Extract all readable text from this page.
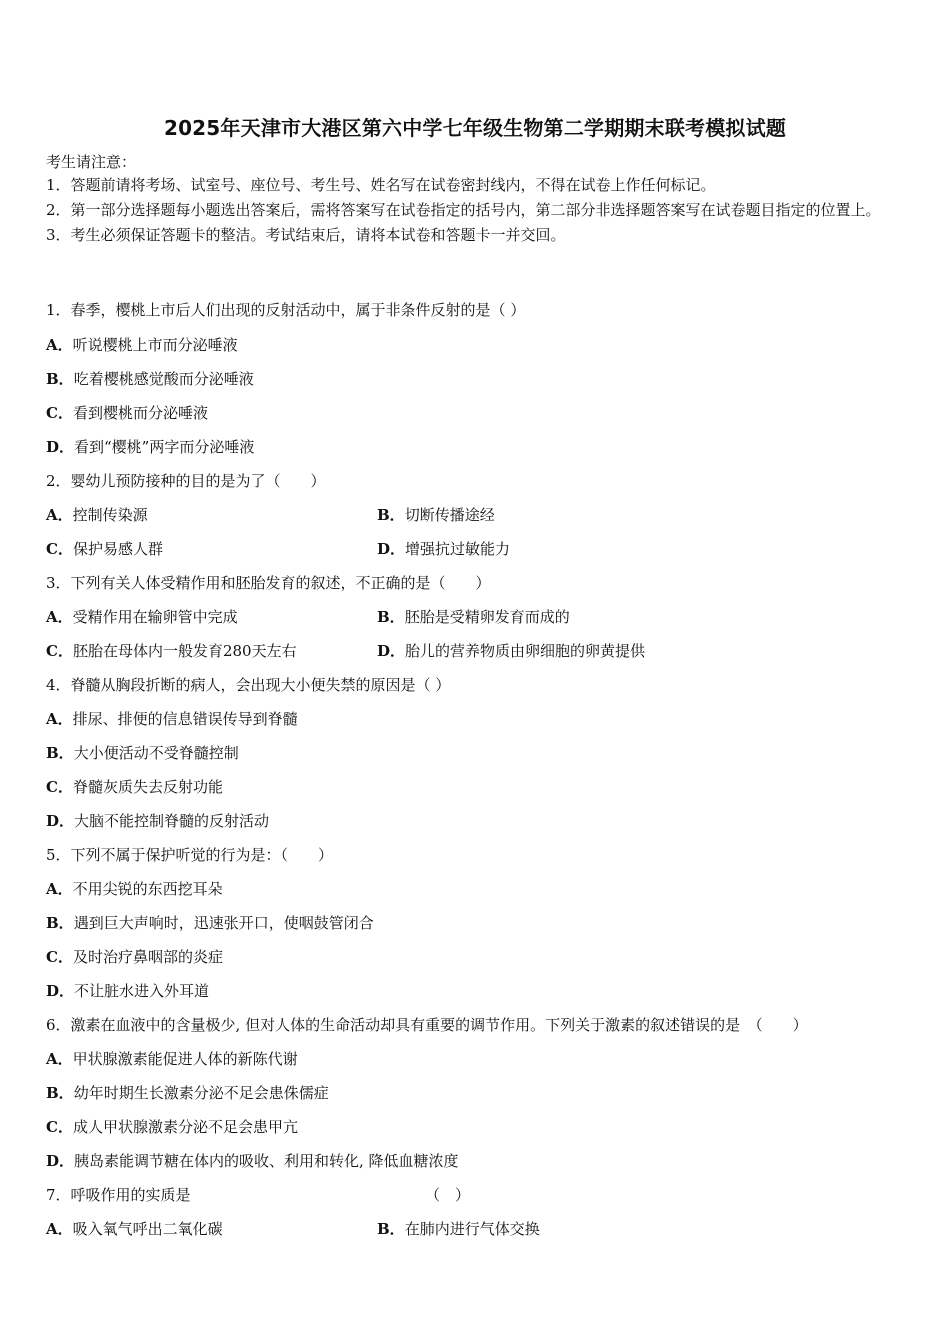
2025年天津市大港区第六中学七年级生物第二学期期末联考模拟试题
考生请注意：
1．答题前请将考场、试室号、座位号、考生号、姓名写在试卷密封线内，不得在试卷上作任何标记。
2．第一部分选择题每小题选出答案后，需将答案写在试卷指定的括号内，第二部分非选择题答案写在试卷题目指定的位置上。
3．考生必须保证答题卡的整洁。考试结束后，请将本试卷和答题卡一并交回。
1．春季，樱桃上市后人们出现的反射活动中，属于非条件反射的是（ ）
A．听说樱桃上市而分泌唾液
B．吃着樱桃感觉酸而分泌唾液
C．看到樱桃而分泌唾液
D．看到“樱桃”两字而分泌唾液
2．婴幼儿预防接种的目的是为了（　　）
A．控制传染源	B．切断传播途经
C．保护易感人群	D．增强抗过敏能力
3．下列有关人体受精作用和胚胎发育的叙述，不正确的是（　　）
A．受精作用在输卵管中完成	B．胚胎是受精卵发育而成的
C．胚胎在母体内一般发育280天左右	D．胎儿的营养物质由卵细胞的卵黄提供
4．脊髓从胸段折断的病人，会出现大小便失禁的原因是（ ）
A．排尿、排便的信息错误传导到脊髓
B．大小便活动不受脊髓控制
C．脊髓灰质失去反射功能
D．大脑不能控制脊髓的反射活动
5．下列不属于保护听觉的行为是：（　　）
A．不用尖锐的东西挖耳朵
B．遇到巨大声响时，迅速张开口，使咽鼓管闭合
C．及时治疗鼻咽部的炎症
D．不让脏水进入外耳道
6．激素在血液中的含量极少, 但对人体的生命活动却具有重要的调节作用。下列关于激素的叙述错误的是　（　　）
A．甲状腺激素能促进人体的新陈代谢
B．幼年时期生长激素分泌不足会患侏儒症
C．成人甲状腺激素分泌不足会患甲亢
D．胰岛素能调节糖在体内的吸收、利用和转化, 降低血糖浓度
7．呼吸作用的实质是	（　）
A．吸入氧气呼出二氧化碳	B．在肺内进行气体交换
